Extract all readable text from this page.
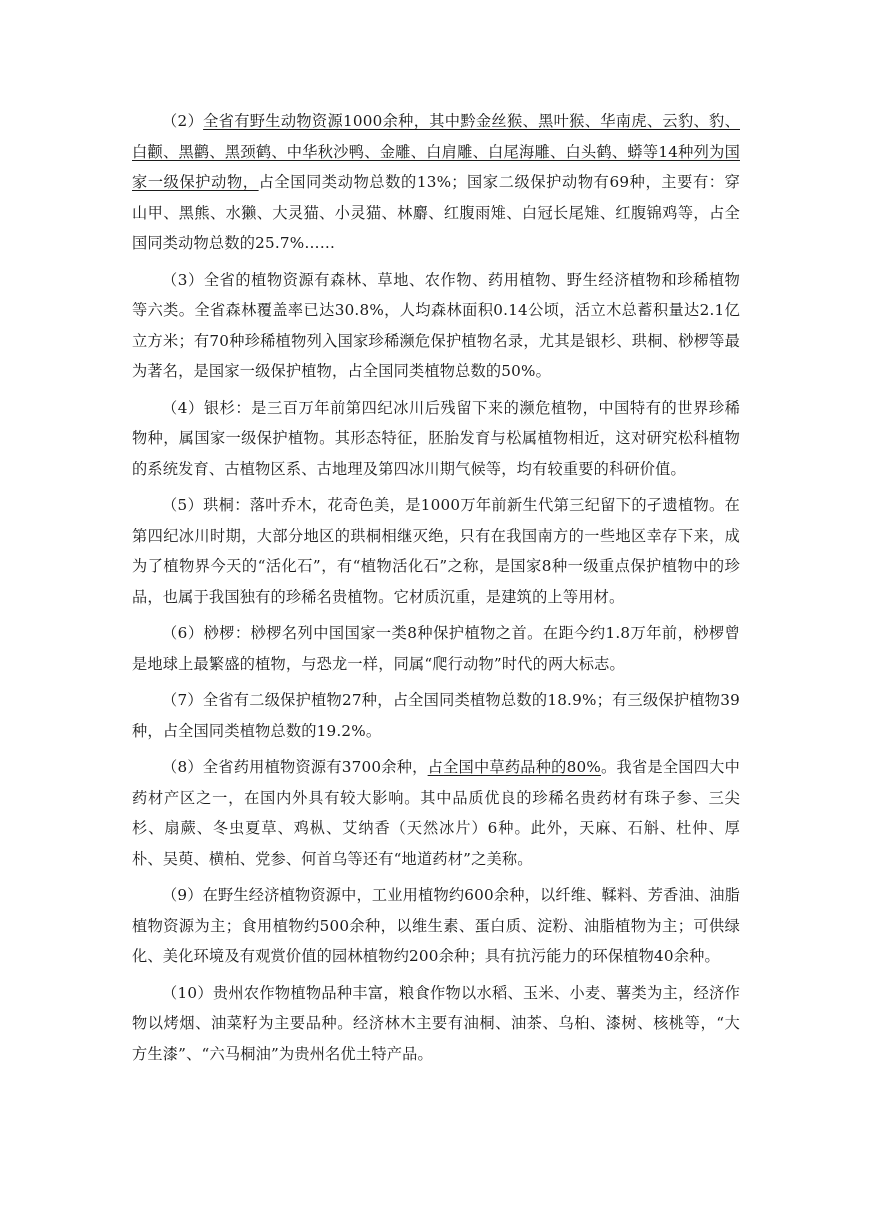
（2）全省有野生动物资源1000余种，其中黔金丝猴、黑叶猴、华南虎、云豹、豹、白颧、黑鹳、黑颈鹤、中华秋沙鸭、金雕、白肩雕、白尾海雕、白头鹤、蟒等14种列为国家一级保护动物，占全国同类动物总数的13%；国家二级保护动物有69种，主要有：穿山甲、黑熊、水獭、大灵猫、小灵猫、林麝、红腹雨雉、白冠长尾雉、红腹锦鸡等，占全国同类动物总数的25.7%……

（3）全省的植物资源有森林、草地、农作物、药用植物、野生经济植物和珍稀植物等六类。全省森林覆盖率已达30.8%，人均森林面积0.14公顷，活立木总蓄积量达2.1亿立方米；有70种珍稀植物列入国家珍稀濒危保护植物名录，尤其是银杉、珙桐、桫椤等最为著名，是国家一级保护植物，占全国同类植物总数的50%。

（4）银杉：是三百万年前第四纪冰川后残留下来的濒危植物，中国特有的世界珍稀物种，属国家一级保护植物。其形态特征，胚胎发育与松属植物相近，这对研究松科植物的系统发育、古植物区系、古地理及第四冰川期气候等，均有较重要的科研价值。

（5）珙桐：落叶乔木，花奇色美，是1000万年前新生代第三纪留下的孑遗植物。在第四纪冰川时期，大部分地区的珙桐相继灭绝，只有在我国南方的一些地区幸存下来，成为了植物界今天的“活化石”，有“植物活化石”之称，是国家8种一级重点保护植物中的珍品，也属于我国独有的珍稀名贵植物。它材质沉重，是建筑的上等用材。

（6）桫椤：桫椤名列中国国家一类8种保护植物之首。在距今约1.8万年前，桫椤曾是地球上最繁盛的植物，与恐龙一样，同属“爬行动物”时代的两大标志。

（7）全省有二级保护植物27种，占全国同类植物总数的18.9%；有三级保护植物39种，占全国同类植物总数的19.2%。

（8）全省药用植物资源有3700余种，占全国中草药品种的80%。我省是全国四大中药材产区之一，在国内外具有较大影响。其中品质优良的珍稀名贵药材有珠子参、三尖杉、扇蕨、冬虫夏草、鸡枞、艾纳香（天然冰片）6种。此外，天麻、石斛、杜仲、厚朴、吴萸、横柏、党参、何首乌等还有“地道药材”之美称。

（9）在野生经济植物资源中，工业用植物约600余种，以纤维、鞣料、芳香油、油脂植物资源为主；食用植物约500余种，以维生素、蛋白质、淀粉、油脂植物为主；可供绿化、美化环境及有观赏价值的园林植物约200余种；具有抗污能力的环保植物40余种。

（10）贵州农作物植物品种丰富，粮食作物以水稻、玉米、小麦、薯类为主，经济作物以烤烟、油菜籽为主要品种。经济林木主要有油桐、油茶、乌桕、漆树、核桃等，“大方生漆”、“六马桐油”为贵州名优土特产品。
